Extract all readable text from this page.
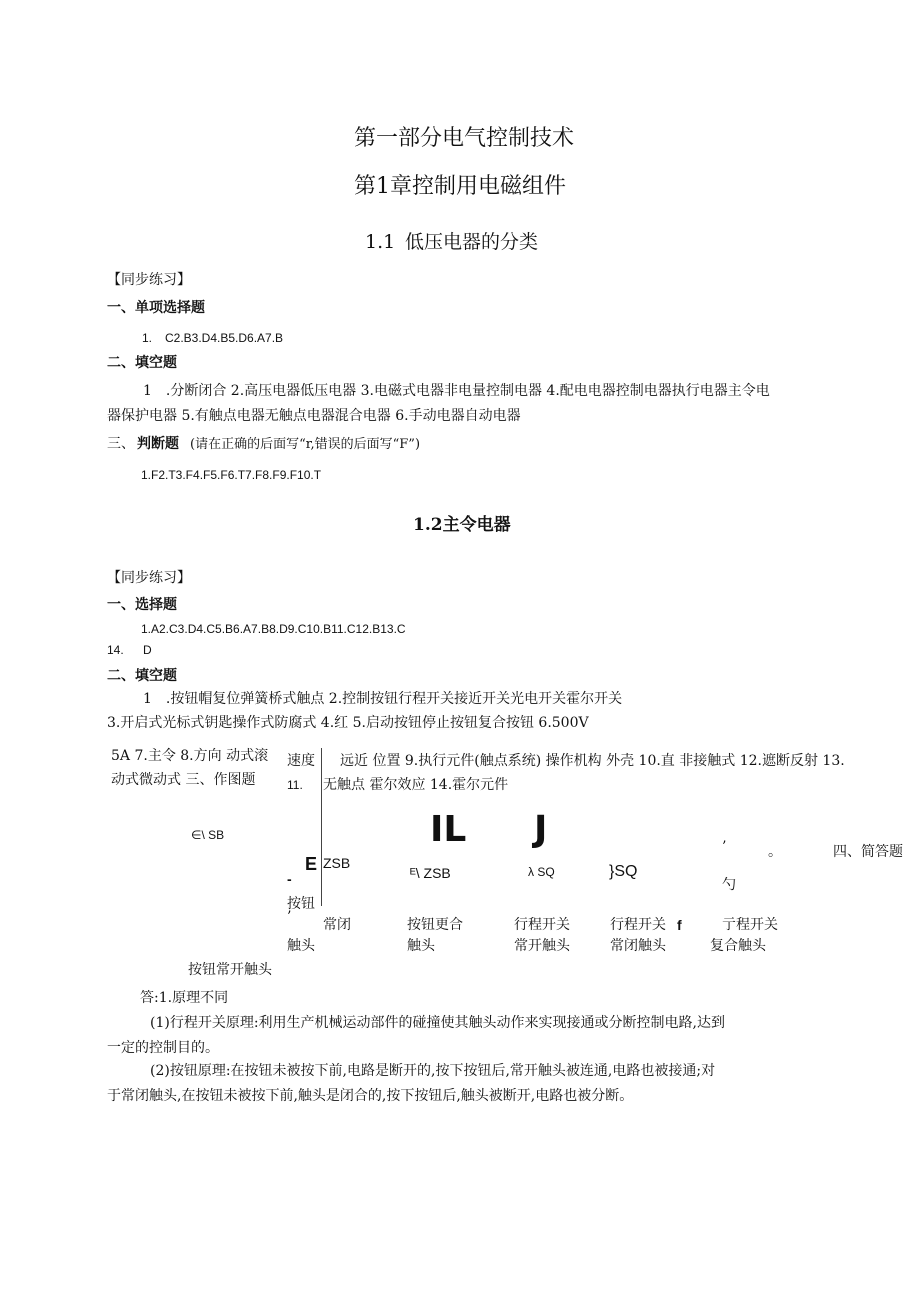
第一部分电气控制技术
第1章控制用电磁组件
1.1 低压电器的分类
【同步练习】
一、单项选择题
1. C2.B3.D4.B5.D6.A7.B
二、填空题
1　.分断闭合 2.高压电器低压电器 3.电磁式电器非电量控制电器 4.配电电器控制电器执行电器主令电
器保护电器 5.有触点电器无触点电器混合电器 6.手动电器自动电器
三、 判断题 (请在正确的后面写“r,错误的后面写“F”)
1.F2.T3.F4.F5.F6.T7.F8.F9.F10.T
1.2主令电器
【同步练习】
一、选择题
1.A2.C3.D4.C5.B6.A7.B8.D9.C10.B11.C12.B13.C
14. D
二、填空题
1　.按钮帽复位弹簧桥式触点 2.控制按钮行程开关接近开关光电开关霍尔开关
3.开启式光标式钥匙操作式防腐式 4.红 5.启动按钮停止按钮复合按钮 6.500V
5A 7.主令 8.方向 动式滚
动式微动式 三、作图题
速度
11.
远近 位置 9.执行元件(触点系统) 操作机构 外壳 10.直 非接触式 12.遮断反射 13.
无触点 霍尔效应 14.霍尔元件
∈\ SB
E ZSB
-	ᴱ\ ZSB
IL J
λ SQ	}SQ
’	。	四、简答题
勺
按钮
’
触头
常闭	按钮更合
触头
行程开关
常开触头
行程开关 f
常闭触头
亍程开关
复合触头
按钮常开触头
答:1.原理不同
(1)行程开关原理:利用生产机械运动部件的碰撞使其触头动作来实现接通或分断控制电路,达到
一定的控制目的。
(2)按钮原理:在按钮未被按下前,电路是断开的,按下按钮后,常开触头被连通,电路也被接通;对
于常闭触头,在按钮未被按下前,触头是闭合的,按下按钮后,触头被断开,电路也被分断。
